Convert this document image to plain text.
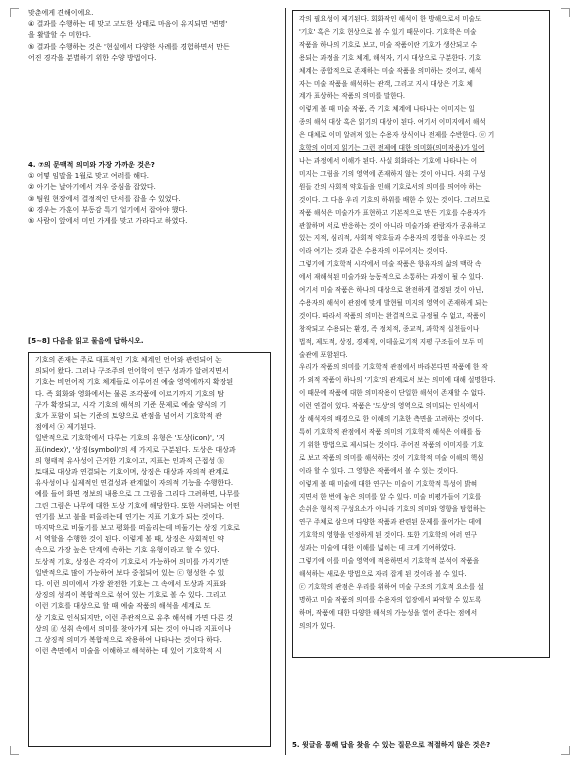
맞춘에게 견해이에요.
④ 결과를 수행하는 데 맞고 고도한 상태로 마음이 유지되면 '변명'
을 활발할 수 미한다.
⑤ 결과를 수행하는 것은 '현실에서 다양한 사례를 경험하면서 만든
어진 경각을 분별하기 위한 수양 방법이다.
4. ⑦의 문맥적 의미와 가장 가까운 것은?
① 어떻 임말을 1월로 맞고 여러를 해다.
② 아기는 날아기에서 겨우 중심을 잡았다.
③ 팀원 현장에서 결정적인 단서를 잡을 수 있었다.
④ 경우는 가훈이 부동감 특기 얼기에서 잡아야 했다.
⑤ 사람이 앞에서 미인 가게를 맞고 가라다고 하였다.
[5~8] 다음을 읽고 물음에 답하시오.
기호의 존재는 주로 대표적인 기호 체계인 언어와 관련되어 논
의되어 왔다. 그러나 구조주의 언어학이 연구 성과가 알려지면서
기호는 비언어적 기호 체계들로 이루어진 예술 영역에까지 확장된
다. 즉 회화와 영화에서는 물론 조각품에 이르기까지 기호의 탐
구가 확장되고, 시각 기호의 해석의 기준 문제로 예술 양식의 기
호가 포함이 되는 기준의 토양으로 관점을 넘어서 기호학적 관
점에서 ⓐ 제기된다.
일반적으로 기호학에서 다루는 기호의 유형은 '도상(icon)', '지
표(index)', '상징(symbol)'의 세 가지로 구분된다. 도상은 대상과
의 형태적 유사성이 근거한 기호이고, 지표는 인과적 근접성 ⓑ
토대로 대상과 연결되는 기호이며, 상징은 대상과 자의적 관계로
유사성이나 실제적인 연결성과 관계없이 자의적 기능을 수행한다.
예를 들어 화면 정보의 내용으로 그 그림을 그리다 그려하면, 나무를
그린 그림은 나무에 대한 도상 기호에 해당한다. 또한 사려되는 어떤
연기를 보고 불을 떠올리는데 연기는 지표 기호가 되는 것이다.
마지막으로 비둘기를 보고 평화를 떠올리는데 비둘기는 상징 기호로
서 역할을 수행한 것이 된다. 이렇게 볼 때, 상징은 사회적인 약
속으로 가장 높은 단계에 속하는 기호 유형이라고 할 수 있다.
도상적 기호, 상징은 각각이 기호로서 가능하여 의미를 가지기만
일반적으로 많이 가능하여 보다 중첩되어 있는 ⓒ 형성한 수 있
다. 이런 의미에서 가장 완전한 기호는 그 속에서 도상과 지표와
상징의 성격이 복합적으로 섞여 있는 기호로 볼 수 있다. 그리고
이런 기호를 대상으로 할 때 예술 작품의 해석을 세계로 도
상 기호로 인식되지만, 이런 주관적으로 유추 해석해 가면 다른 것
상의 ⓓ 성취 속에서 의미를 찾아가게 되는 것이 아니라 지표이나
그 상징적 의미가 복합적으로 작용하여 나타나는 것이다 하다.
이런 측면에서 미술을 이해하고 해석하는 데 있어 기호학적 시
각의 필요성이 제기된다. 회화작인 해석이 한 방해으로서 미술도
'기호' 혹은 기호 현상으로 볼 수 있기 때문이다. 기호학은 미술
작품을 하나의 기호로 보고, 미술 작품이란 기호가 생산되고 수
용되는 과정을 기호 체계, 해석자, 기시 대상으로 구분한다. 기호
체계는 종합적으로 존재하는 미술 작품을 의미하는 것이고, 해석
자는 미술 작품을 해석하는 관객, 그리고 지시 대상은 기호 체
계가 표상하는 작품의 의미를 말한다.
이렇게 볼 때 미술 작품, 즉 기호 체계에 나타나는 이미지는 일
종의 해석 대상 혹은 읽기의 대상이 된다. 여기서 이미지에서 해석
은 대체로 이미 알려져 있는 수용자 상식이나 전제를 수반한다. ⓔ 기
호학의 이미지 읽기는 그런 전제에 대한 의미화(의미작용)가 일어
나는 과정에서 이해가 된다. 사실 회화라는 기호에 나타나는 이
미지는 그림을 기의 영역에 존재하지 않는 것이 아니다. 사회 구성
원들 간의 사회적 약호들을 인해 기호로서의 의미를 띄어야 하는
것이다. 그 다음 우리 기호의 하위를 배한 수 있는 것이다. 그러므로
작품 해석은 미술가가 표현하고 기본적으로 만든 기호를 수용자가
관찰하며 서로 반응하는 것이 아니라 미술가와 관람자가 공유하고
있는 지적, 심리적, 사회적 약호들과 수용자의 경험을 아우르는 것
이라 여기는 것과 같은 수용자의 이루어지는 것이다.
그렇기에 기호학적 시각에서 미술 작품은 향유자의 삶의 맥락 속
에서 재해석된 미술가와 능동적으로 소통하는 과정이 될 수 있다.
여기서 미술 작품은 하나의 대상으로 완전하게 결정된 것이 아닌,
수용자의 해석이 관점에 맞게 발현될 미지의 영역이 존재하게 되는
것이다. 따라서 작품의 의미는 완결적으로 규정될 수 없고, 작품이
창작되고 수용되는 환경, 즉 정치적, 종교적, 과학적 실천들이나
법적, 제도적, 상징, 경제적, 이데올로기적 지평 구조들이 모두 미
술관에 포함된다.
우리가 작품의 의미를 기호학적 관점에서 바라본다면 작품에 한 작
가 외적 작품이 하나의 '기호'의 관계로서 보는 의미에 대해 설명한다.
이 때문에 작품에 대한 의미작용이 단일한 해석이 존재할 수 없다.
이런 연결이 있다. 작품은 '도상'의 영역으로 의미되는 인식에서
상 해석자의 배경으로 한 이해의 기초한 측면을 고려하는 것이다.
특히 기호학적 관점에서 작품 의미의 기호학적 해석은 이해를 돕
기 위한 방법으로 제시되는 것이다. 주어진 작품의 이미지를 기호
로 보고 작품의 의미를 해석하는 것이 기호학적 미술 이해의 핵심
이라 할 수 있다. 그 영향은 작품에서 볼 수 있는 것이다.
이렇게 볼 때 미술에 대한 연구는 미술이 기호학적 특성이 밝혀
지면서 한 번에 놓은 의미를 알 수 있다. 미술 비평가들이 기호를
손쉬운 형식적 구성요소가 아니라 기호의 의미와 영향을 탐험하는
연구 주체로 삼으며 다양한 작품과 관련된 문제를 풀어가는 데에
기호학의 영향을 인정하게 된 것이다. 또한 기호학의 여러 연구
성과는 미술에 대한 이해를 넓히는 데 크게 기여하였다.
그렇기에 이를 미술 영역에 적용하면서 기호학적 분석이 작품을
해석하는 새로운 방법으로 자리 잡게 된 것이라 볼 수 있다.
ⓒ 기호학의 관점은 우리를 위하여 미술 구조의 기호적 요소를 설
명하고 미술 작품의 의미를 수용자의 입장에서 파악할 수 있도록
하며, 작품에 대한 다양한 해석의 가능성을 열어 준다는 점에서
의의가 있다.
5. 윗글을 통해 답을 찾을 수 있는 질문으로 적절하지 않은 것은?
